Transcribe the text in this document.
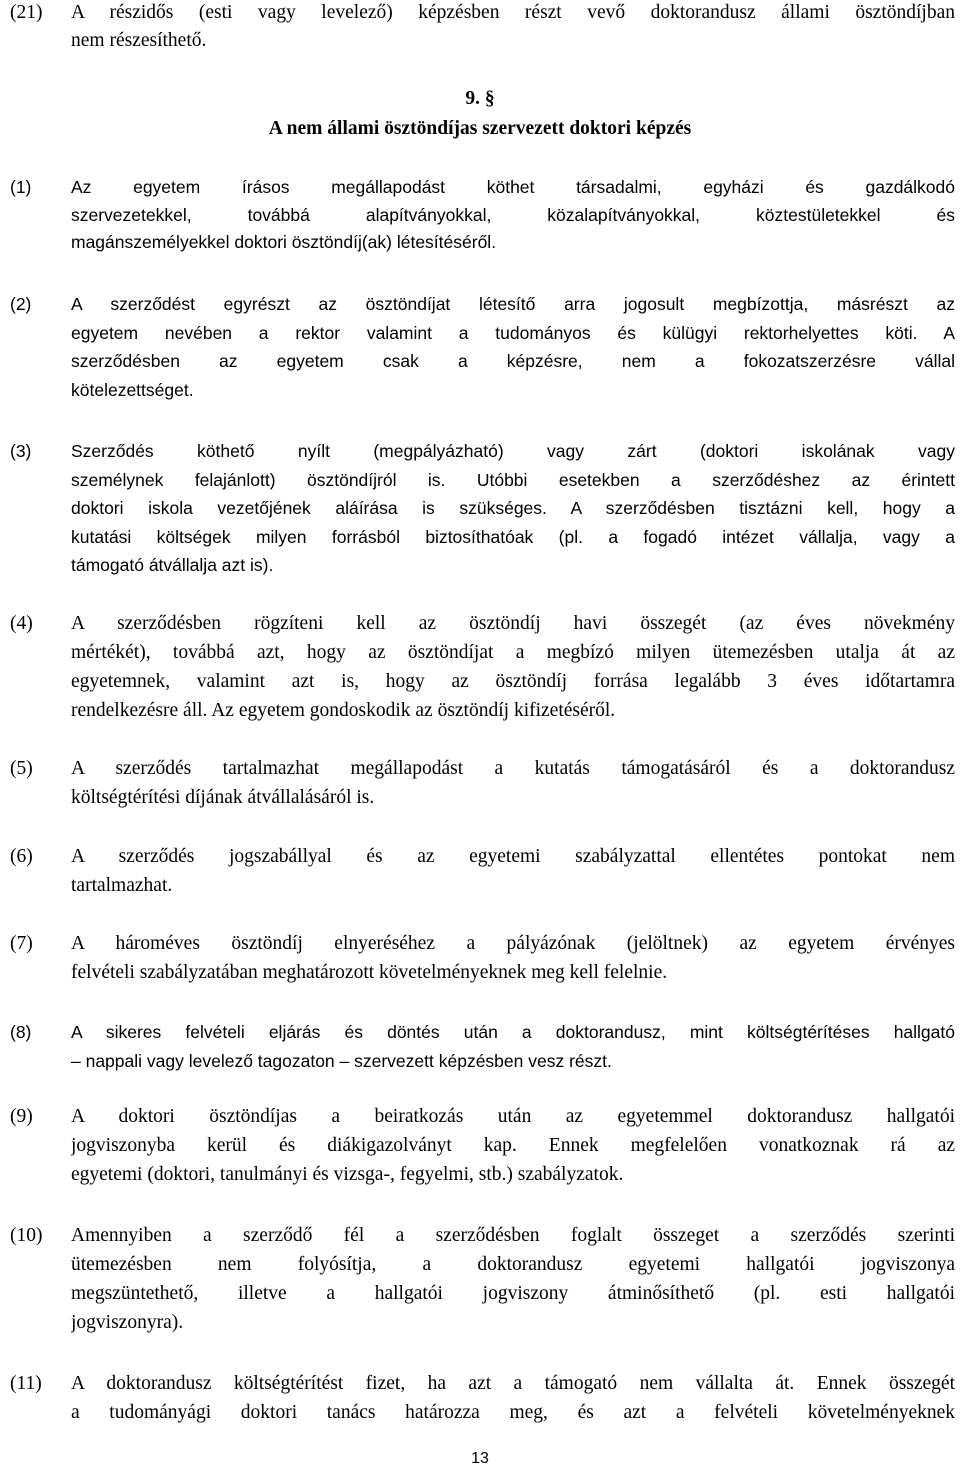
(21) A részidős (esti vagy levelező) képzésben részt vevő doktorandusz állami ösztöndíjban
nem részesíthető.
9. §
A nem állami ösztöndíjas szervezett doktori képzés
(1) Az egyetem írásos megállapodást köthet társadalmi, egyházi és gazdálkodó
szervezetekkel, továbbá alapítványokkal, közalapítványokkal, köztestületekkel és
magánszemélyekkel doktori ösztöndíj(ak) létesítéséről.
(2) A szerződést egyrészt az ösztöndíjat létesítő arra jogosult megbízottja, másrészt az
egyetem nevében a rektor valamint a tudományos és külügyi rektorhelyettes köti. A
szerződésben az egyetem csak a képzésre, nem a fokozatszerzésre vállal
kötelezettséget.
(3) Szerződés köthető nyílt (megpályázható) vagy zárt (doktori iskolának vagy
személynek felajánlott) ösztöndíjról is. Utóbbi esetekben a szerződéshez az érintett
doktori iskola vezetőjének aláírása is szükséges. A szerződésben tisztázni kell, hogy a
kutatási költségek milyen forrásból biztosíthatóak (pl. a fogadó intézet vállalja, vagy a
támogató átvállalja azt is).
(4) A szerződésben rögzíteni kell az ösztöndíj havi összegét (az éves növekmény
mértékét), továbbá azt, hogy az ösztöndíjat a megbízó milyen ütemezésben utalja át az
egyetemnek, valamint azt is, hogy az ösztöndíj forrása legalább 3 éves időtartamra
rendelkezésre áll. Az egyetem gondoskodik az ösztöndíj kifizetéséről.
(5) A szerződés tartalmazhat megállapodást a kutatás támogatásáról és a doktorandusz
költségtérítési díjának átvállalásáról is.
(6) A szerződés jogszabállyal és az egyetemi szabályzattal ellentétes pontokat nem
tartalmazhat.
(7) A hároméves ösztöndíj elnyeréséhez a pályázónak (jelöltnek) az egyetem érvényes
felvételi szabályzatában meghatározott követelményeknek meg kell felelnie.
(8) A sikeres felvételi eljárás és döntés után a doktorandusz, mint költségtérítéses hallgató
– nappali vagy levelező tagozaton – szervezett képzésben vesz részt.
(9) A doktori ösztöndíjas a beiratkozás után az egyetemmel doktorandusz hallgatói
jogviszonyba kerül és diákigazolványt kap. Ennek megfelelően vonatkoznak rá az
egyetemi (doktori, tanulmányi és vizsga-, fegyelmi, stb.) szabályzatok.
(10) Amennyiben a szerződő fél a szerződésben foglalt összeget a szerződés szerinti
ütemezésben nem folyósítja, a doktorandusz egyetemi hallgatói jogviszonya
megszüntethető, illetve a hallgatói jogviszony átminősíthető (pl. esti hallgatói
jogviszonyra).
(11) A doktorandusz költségtérítést fizet, ha azt a támogató nem vállalta át. Ennek összegét
a tudományági doktori tanács határozza meg, és azt a felvételi követelményeknek
13
